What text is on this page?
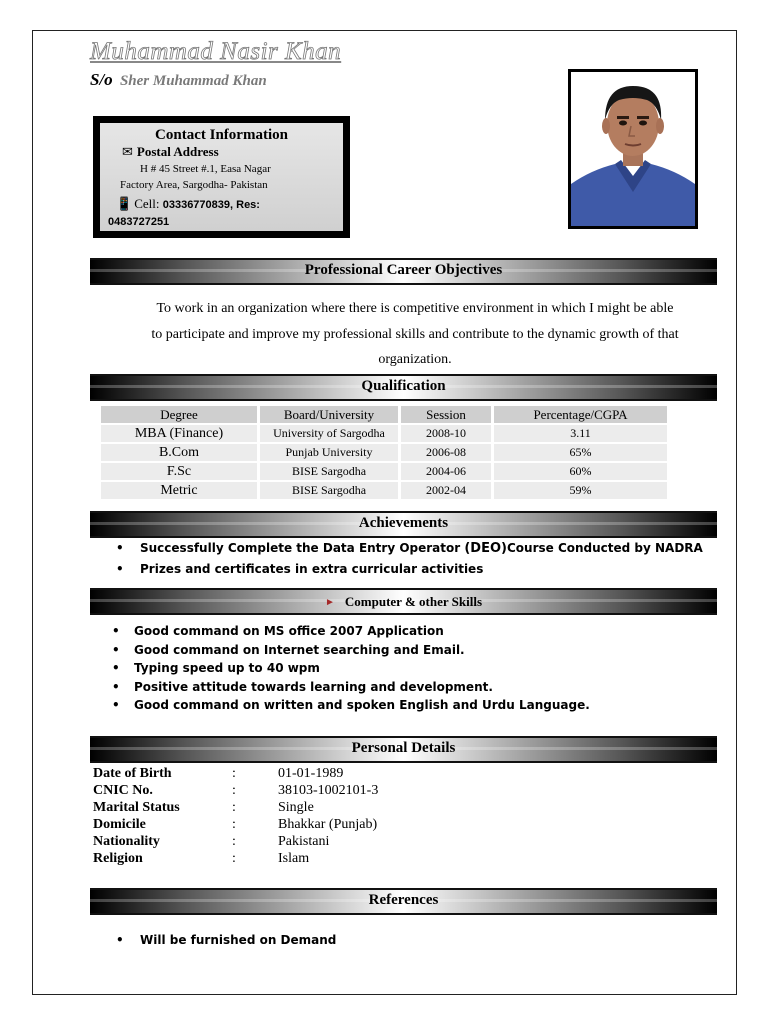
Muhammad Nasir Khan
S/o Sher Muhammad Khan
Contact Information
✉ Postal Address
H # 45 Street #.1, Easa Nagar
Factory Area, Sargodha- Pakistan
📱 Cell: 03336770839, Res:
0483727251
Professional Career Objectives
To work in an organization where there is competitive environment in which I might be able
to participate and improve my professional skills and contribute to the dynamic growth of that
organization.
Qualification
Degree	Board/University	Session	Percentage/CGPA
MBA (Finance)	University of Sargodha	2008-10	3.11
B.Com	Punjab University	2006-08	65%
F.Sc	BISE Sargodha	2004-06	60%
Metric	BISE Sargodha	2002-04	59%
Achievements
• Successfully Complete the Data Entry Operator (DEO)Course Conducted by NADRA
• Prizes and certificates in extra curricular activities
► Computer & other Skills
• Good command on MS office 2007 Application
• Good command on Internet searching and Email.
• Typing speed up to 40 wpm
• Positive attitude towards learning and development.
• Good command on written and spoken English and Urdu Language.
Personal Details
Date of Birth	:	01-01-1989
CNIC No.	:	38103-1002101-3
Marital Status	:	Single
Domicile	:	Bhakkar (Punjab)
Nationality	:	Pakistani
Religion	:	Islam
References
• Will be furnished on Demand
